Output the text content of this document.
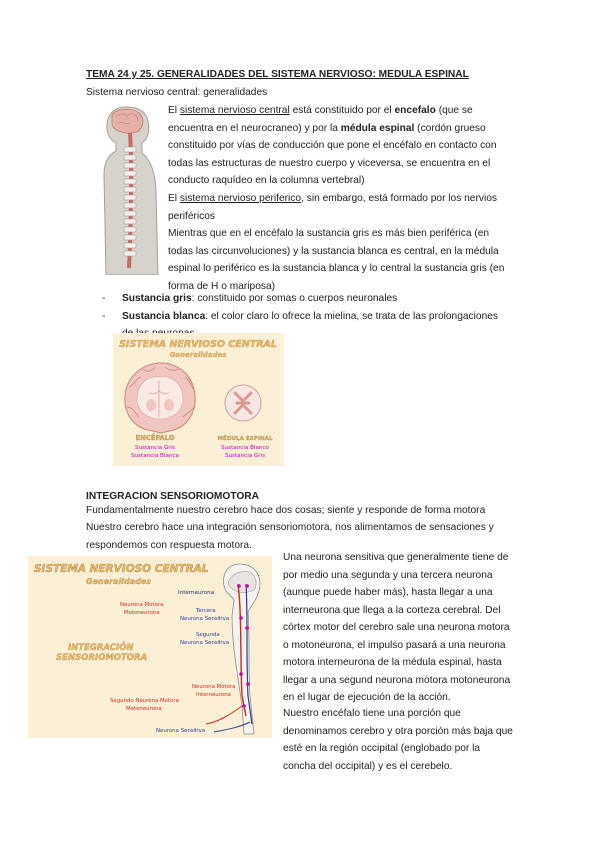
TEMA 24 y 25. GENERALIDADES DEL SISTEMA NERVIOSO: MEDULA ESPINAL
Sistema nervioso central: generalidades
El sistema nervioso central está constituido por el encefalo (que se encuentra en el neurocraneo) y por la médula espinal (cordón grueso constituido por vías de conducción que pone el encéfalo en contacto con todas las estructuras de nuestro cuerpo y viceversa, se encuentra en el conducto raquídeo en la columna vertebral)
El sistema nervioso periferico, sin embargo, está formado por los nervios periféricos
Mientras que en el encéfalo la sustancia gris es más bien periférica (en todas las circunvoluciones) y la sustancia blanca es central, en la médula espinal lo periférico es la sustancia blanca y lo central la sustancia gris (en forma de H o mariposa)
- Sustancia gris: constituido por somas o cuerpos neuronales
- Sustancia blanca: el color claro lo ofrece la mielina, se trata de las prolongaciones
SISTEMA NERVIOSO CENTRAL
Generalidades
ENCÉFALO
Sustancia Gris
Sustancia Blanca
MÉDULA ESPINAL
Sustancia Blanco
Sustancia Gris
INTEGRACION SENSORIOMOTORA
Fundamentalmente nuestro cerebro hace dos cosas; siente y responde de forma motora
Nuestro cerebro hace una integración sensoriomotora, nos alimentamos de sensaciones y respondemos con respuesta motora.
SISTEMA NERVIOSO CENTRAL
Generalidades
Interneurona
Neurona Motora
Motoneurona	Tercera
Neurona Sensitiva
Segunda
Neurona Sensitiva
INTEGRACIÓN
SENSORIOMOTORA
Neurona Motora
Interneurona
Segundo Neurona Motora
Motoneurona
Neurona Sensitiva
Una neurona sensitiva que generalmente tiene de por medio una segunda y una tercera neurona (aunque puede haber más), hasta llegar a una interneurona que llega a la corteza cerebral. Del córtex motor del cerebro sale una neurona motora o motoneurona, el impulso pasará a una neurona motora interneurona de la médula espinal, hasta llegar a una segund neurona motora motoneurona en el lugar de ejecución de la acción.
Nuestro encéfalo tiene una porción que denominamos cerebro y otra porción más baja que esté en la región occipital (englobado por la concha del occipital) y es el cerebelo.
